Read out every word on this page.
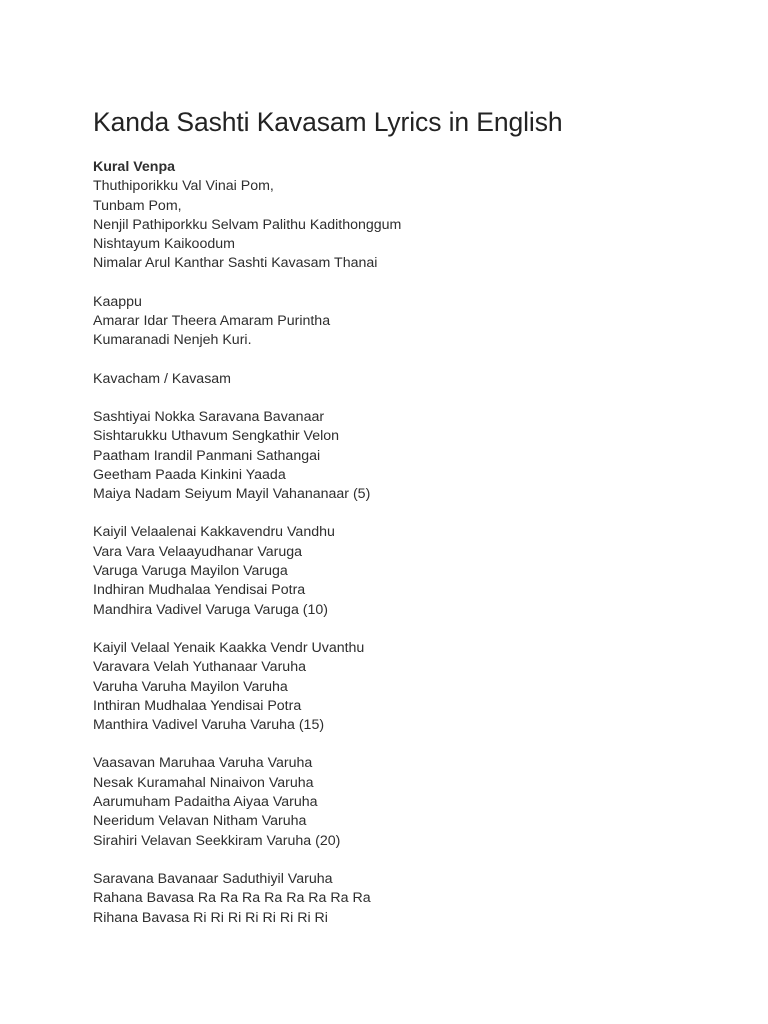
Kanda Sashti Kavasam Lyrics in English
Kural Venpa
Thuthiporikku Val Vinai Pom,
Tunbam Pom,
Nenjil Pathiporkku Selvam Palithu Kadithonggum
Nishtayum Kaikoodum
Nimalar Arul Kanthar Sashti Kavasam Thanai
Kaappu
Amarar Idar Theera Amaram Purintha
Kumaranadi Nenjeh Kuri.
Kavacham / Kavasam
Sashtiyai Nokka Saravana Bavanaar
Sishtarukku Uthavum Sengkathir Velon
Paatham Irandil Panmani Sathangai
Geetham Paada Kinkini Yaada
Maiya Nadam Seiyum Mayil Vahananaar (5)
Kaiyil Velaalenai Kakkavendru Vandhu
Vara Vara Velaayudhanar Varuga
Varuga Varuga Mayilon Varuga
Indhiran Mudhalaa Yendisai Potra
Mandhira Vadivel Varuga Varuga (10)
Kaiyil Velaal Yenaik Kaakka Vendr Uvanthu
Varavara Velah Yuthanaar Varuha
Varuha Varuha Mayilon Varuha
Inthiran Mudhalaa Yendisai Potra
Manthira Vadivel Varuha Varuha (15)
Vaasavan Maruhaa Varuha Varuha
Nesak Kuramahal Ninaivon Varuha
Aarumuham Padaitha Aiyaa Varuha
Neeridum Velavan Nitham Varuha
Sirahiri Velavan Seekkiram Varuha (20)
Saravana Bavanaar Saduthiyil Varuha
Rahana Bavasa Ra Ra Ra Ra Ra Ra Ra Ra
Rihana Bavasa Ri Ri Ri Ri Ri Ri Ri Ri
